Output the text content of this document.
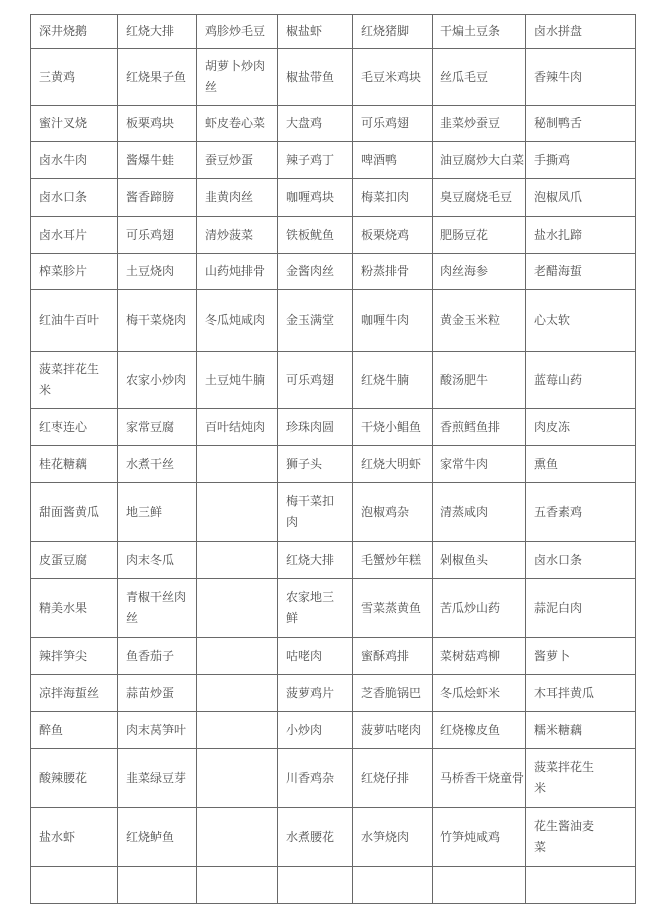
深井烧鹅	红烧大排	鸡胗炒毛豆	椒盐虾	红烧猪脚	干煸土豆条	卤水拼盘
三黄鸡	红烧果子鱼	胡萝卜炒肉丝	椒盐带鱼	毛豆米鸡块	丝瓜毛豆	香辣牛肉
蜜汁叉烧	板栗鸡块	虾皮卷心菜	大盘鸡	可乐鸡翅	韭菜炒蚕豆	秘制鸭舌
卤水牛肉	酱爆牛蛙	蚕豆炒蛋	辣子鸡丁	啤酒鸭	油豆腐炒大白菜	手撕鸡
卤水口条	酱香蹄膀	韭黄肉丝	咖喱鸡块	梅菜扣肉	臭豆腐烧毛豆	泡椒凤爪
卤水耳片	可乐鸡翅	清炒菠菜	铁板鱿鱼	板栗烧鸡	肥肠豆花	盐水扎蹄
榨菜胗片	土豆烧肉	山药炖排骨	金酱肉丝	粉蒸排骨	肉丝海参	老醋海蜇
红油牛百叶	梅干菜烧肉	冬瓜炖咸肉	金玉满堂	咖喱牛肉	黄金玉米粒	心太软
菠菜拌花生米	农家小炒肉	土豆炖牛腩	可乐鸡翅	红烧牛腩	酸汤肥牛	蓝莓山药
红枣连心	家常豆腐	百叶结炖肉	珍珠肉圆	干烧小鲳鱼	香煎鳕鱼排	肉皮冻
桂花糖藕	水煮干丝		狮子头	红烧大明虾	家常牛肉	熏鱼
甜面酱黄瓜	地三鲜		梅干菜扣肉	泡椒鸡杂	清蒸咸肉	五香素鸡
皮蛋豆腐	肉末冬瓜		红烧大排	毛蟹炒年糕	剁椒鱼头	卤水口条
精美水果	青椒干丝肉丝		农家地三鲜	雪菜蒸黄鱼	苦瓜炒山药	蒜泥白肉
辣拌笋尖	鱼香茄子		咕咾肉	蜜酥鸡排	菜树菇鸡柳	酱萝卜
凉拌海蜇丝	蒜苗炒蛋		菠萝鸡片	芝香脆锅巴	冬瓜烩虾米	木耳拌黄瓜
醉鱼	肉末莴笋叶		小炒肉	菠萝咕咾肉	红烧橡皮鱼	糯米糖藕
酸辣腰花	韭菜绿豆芽		川香鸡杂	红烧仔排	马桥香干烧童骨	菠菜拌花生米
盐水虾	红烧鲈鱼		水煮腰花	水笋烧肉	竹笋炖咸鸡	花生酱油麦菜
